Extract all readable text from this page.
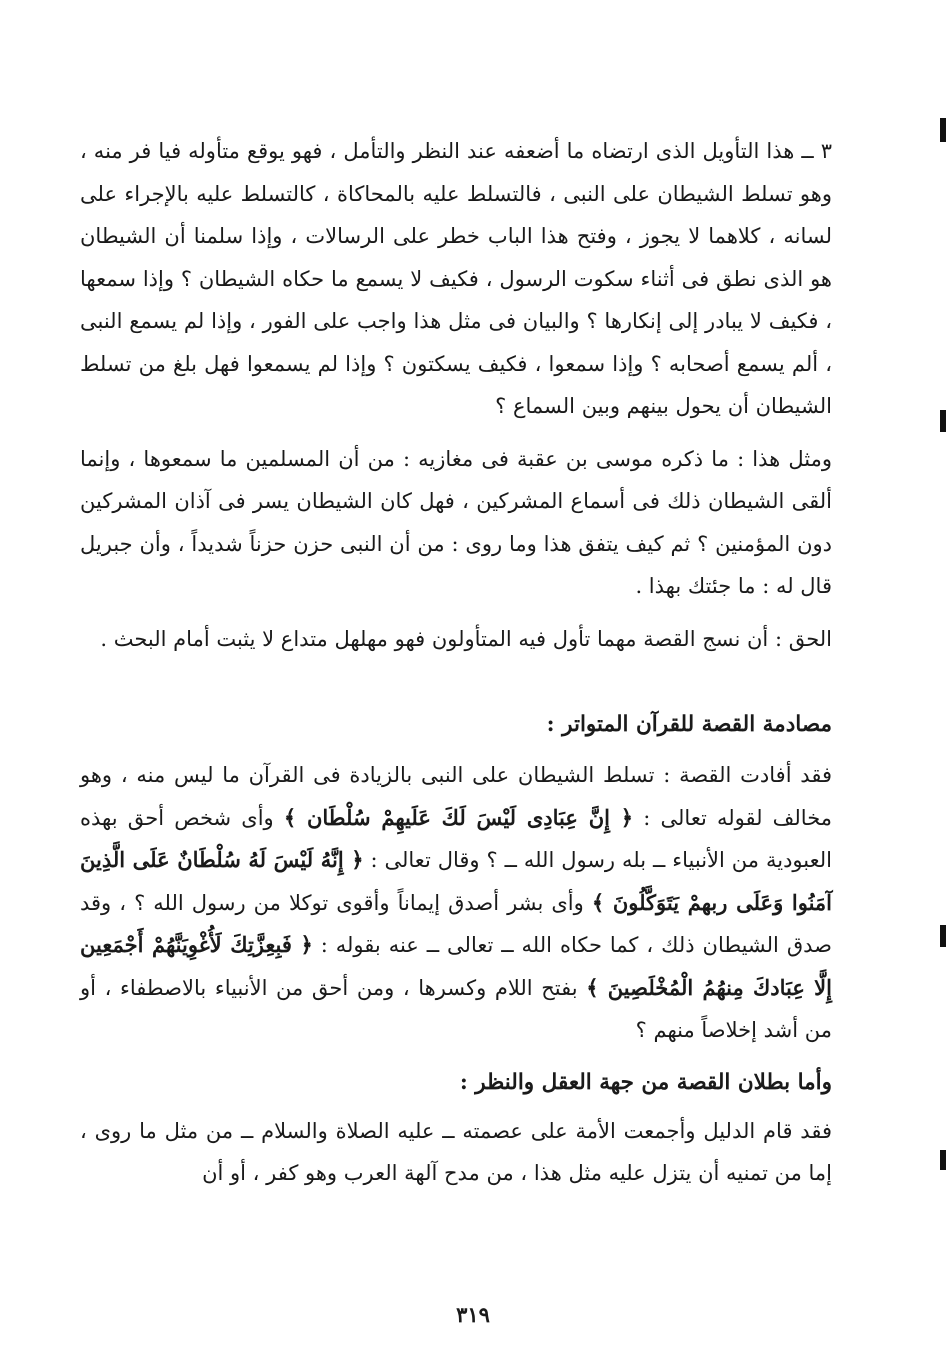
٣ ــ هذا التأويل الذى ارتضاه ما أضعفه عند النظر والتأمل ، فهو يوقع متأوله فيا فر منه ، وهو تسلط الشيطان على النبى ، فالتسلط عليه بالمحاكاة ، كالتسلط عليه بالإجراء على لسانه ، كلاهما لا يجوز ، وفتح هذا الباب خطر على الرسالات ، وإذا سلمنا أن الشيطان هو الذى نطق فى أثناء سكوت الرسول ، فكيف لا يسمع ما حكاه الشيطان ؟ وإذا سمعها ، فكيف لا يبادر إلى إنكارها ؟ والبيان فى مثل هذا واجب على الفور ، وإذا لم يسمع النبى ، ألم يسمع أصحابه ؟ وإذا سمعوا ، فكيف يسكتون ؟ وإذا لم يسمعوا فهل بلغ من تسلط الشيطان أن يحول بينهم وبين السماع ؟

ومثل هذا : ما ذكره موسى بن عقبة فى مغازيه : من أن المسلمين ما سمعوها ، وإنما ألقى الشيطان ذلك فى أسماع المشركين ، فهل كان الشيطان يسر فى آذان المشركين دون المؤمنين ؟ ثم كيف يتفق هذا وما روى : من أن النبى حزن حزناً شديداً ، وأن جبريل قال له : ما جئتك بهذا .

الحق : أن نسج القصة مهما تأول فيه المتأولون فهو مهلهل متداع لا يثبت أمام البحث .

مصادمة القصة للقرآن المتواتر :

فقد أفادت القصة : تسلط الشيطان على النبى بالزيادة فى القرآن ما ليس منه ، وهو مخالف لقوله تعالى : ﴿ إِنَّ عِبَادِى لَيْسَ لَكَ عَلَيهِمْ سُلْطَان ﴾ وأى شخص أحق بهذه العبودية من الأنبياء ــ بله رسول الله ــ ؟ وقال تعالى : ﴿ إِنَّهُ لَيْسَ لَهُ سُلْطَانٌ عَلَى الَّذِينَ آمَنُوا وَعَلَى ربهمْ يَتَوَكَّلُونَ ﴾ وأى بشر أصدق إيماناً وأقوى توكلا من رسول الله ؟ ، وقد صدق الشيطان ذلك ، كما حكاه الله ــ تعالى ــ عنه بقوله : ﴿ فَبِعِزَّتِكَ لَأُغْوِيَنَّهُمْ أَجْمَعِين إِلَّا عِبَادكَ مِنهُمُ الْمُخْلَصِينَ ﴾ بفتح اللام وكسرها ، ومن أحق من الأنبياء بالاصطفاء ، أو من أشد إخلاصاً منهم ؟

وأما بطلان القصة من جهة العقل والنظر :

فقد قام الدليل وأجمعت الأمة على عصمته ــ عليه الصلاة والسلام ــ من مثل ما روى ، إما من تمنيه أن يتزل عليه مثل هذا ، من مدح آلهة العرب وهو كفر ، أو أن

٣١٩
